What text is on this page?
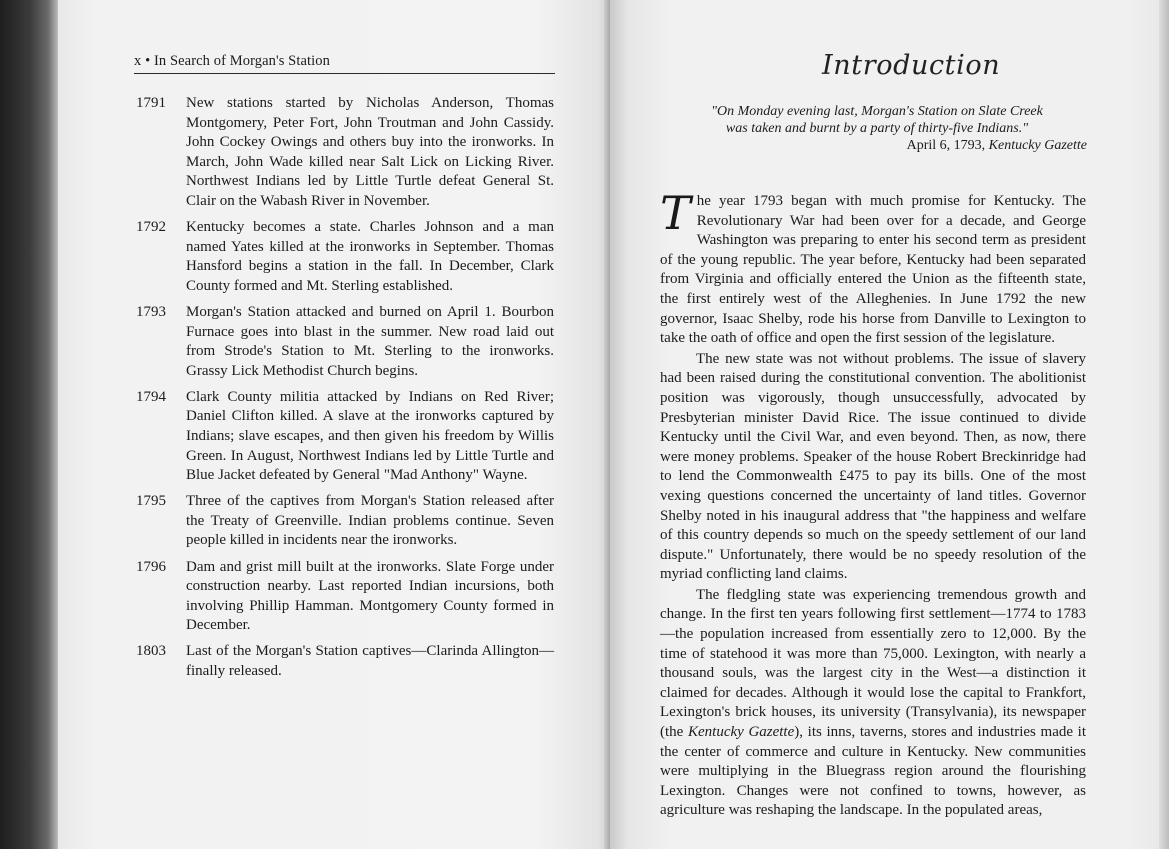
x • In Search of Morgan's Station
1791	New stations started by Nicholas Anderson, Thomas Montgomery, Peter Fort, John Troutman and John Cassidy. John Cockey Owings and others buy into the ironworks. In March, John Wade killed near Salt Lick on Licking River. Northwest Indians led by Little Turtle defeat General St. Clair on the Wabash River in November.
1792	Kentucky becomes a state. Charles Johnson and a man named Yates killed at the ironworks in September. Thomas Hansford begins a station in the fall. In December, Clark County formed and Mt. Sterling established.
1793	Morgan's Station attacked and burned on April 1. Bourbon Furnace goes into blast in the summer. New road laid out from Strode's Station to Mt. Sterling to the ironworks. Grassy Lick Methodist Church begins.
1794	Clark County militia attacked by Indians on Red River; Daniel Clifton killed. A slave at the ironworks captured by Indians; slave escapes, and then given his freedom by Willis Green. In August, Northwest Indians led by Little Turtle and Blue Jacket defeated by General "Mad Anthony" Wayne.
1795	Three of the captives from Morgan's Station released after the Treaty of Greenville. Indian problems continue. Seven people killed in incidents near the ironworks.
1796	Dam and grist mill built at the ironworks. Slate Forge under construction nearby. Last reported Indian incursions, both involving Phillip Hamman. Montgomery County formed in December.
1803	Last of the Morgan's Station captives—Clarinda Allington—finally released.
Introduction
"On Monday evening last, Morgan's Station on Slate Creek was taken and burnt by a party of thirty-five Indians."
April 6, 1793, Kentucky Gazette

The year 1793 began with much promise for Kentucky. The Revolutionary War had been over for a decade, and George Washington was preparing to enter his second term as president of the young republic. The year before, Kentucky had been separated from Virginia and officially entered the Union as the fifteenth state, the first entirely west of the Alleghenies. In June 1792 the new governor, Isaac Shelby, rode his horse from Danville to Lexington to take the oath of office and open the first session of the legislature.

The new state was not without problems. The issue of slavery had been raised during the constitutional convention. The abolitionist position was vigorously, though unsuccessfully, advocated by Presbyterian minister David Rice. The issue continued to divide Kentucky until the Civil War, and even beyond. Then, as now, there were money problems. Speaker of the house Robert Breckinridge had to lend the Commonwealth £475 to pay its bills. One of the most vexing questions concerned the uncertainty of land titles. Governor Shelby noted in his inaugural address that "the happiness and welfare of this country depends so much on the speedy settlement of our land dispute." Unfortunately, there would be no speedy resolution of the myriad conflicting land claims.

The fledgling state was experiencing tremendous growth and change. In the first ten years following first settlement—1774 to 1783—the population increased from essentially zero to 12,000. By the time of statehood it was more than 75,000. Lexington, with nearly a thousand souls, was the largest city in the West—a distinction it claimed for decades. Although it would lose the capital to Frankfort, Lexington's brick houses, its university (Transylvania), its newspaper (the Kentucky Gazette), its inns, taverns, stores and industries made it the center of commerce and culture in Kentucky. New communities were multiplying in the Bluegrass region around the flourishing Lexington. Changes were not confined to towns, however, as agriculture was reshaping the landscape. In the populated areas,
